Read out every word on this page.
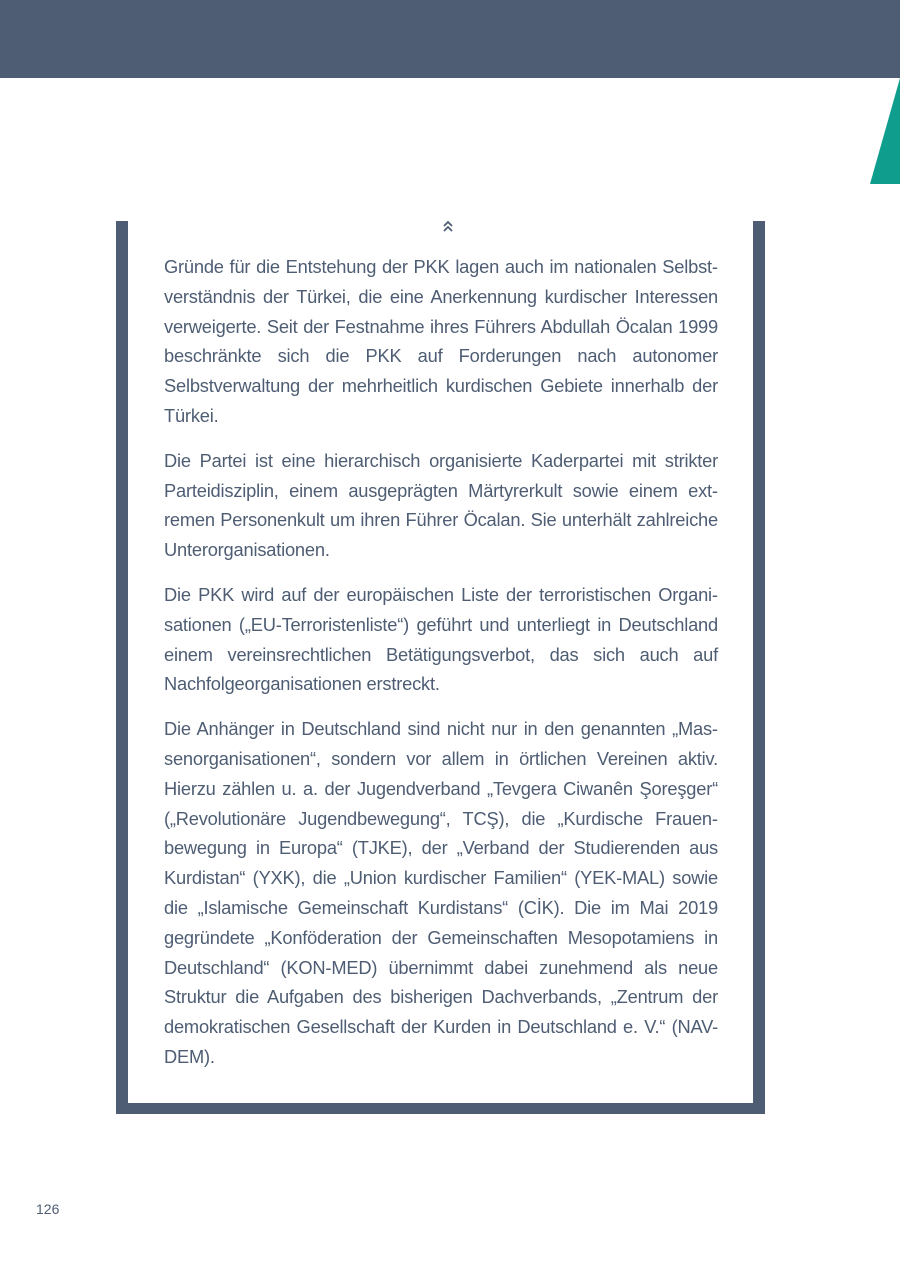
Gründe für die Entstehung der PKK lagen auch im nationalen Selbstverständnis der Türkei, die eine Anerkennung kurdischer Interessen verweigerte. Seit der Festnahme ihres Führers Abdullah Öcalan 1999 beschränkte sich die PKK auf Forderungen nach autonomer Selbstverwaltung der mehrheitlich kurdischen Gebiete innerhalb der Türkei.

Die Partei ist eine hierarchisch organisierte Kaderpartei mit strikter Parteidisziplin, einem ausgeprägten Märtyrerkult sowie einem extremen Personenkult um ihren Führer Öcalan. Sie unterhält zahlreiche Unterorganisationen.

Die PKK wird auf der europäischen Liste der terroristischen Organisationen („EU-Terroristenliste“) geführt und unterliegt in Deutschland einem vereinsrechtlichen Betätigungsverbot, das sich auch auf Nachfolgeorganisationen erstreckt.

Die Anhänger in Deutschland sind nicht nur in den genannten „Massenorganisationen“, sondern vor allem in örtlichen Vereinen aktiv. Hierzu zählen u. a. der Jugendverband „Tevgera Ciwanên Şoreşger“ („Revolutionäre Jugendbewegung“, TCŞ), die „Kurdische Frauenbewegung in Europa“ (TJKE), der „Verband der Studierenden aus Kurdistan“ (YXK), die „Union kurdischer Familien“ (YEK-MAL) sowie die „Islamische Gemeinschaft Kurdistans“ (CİK). Die im Mai 2019 gegründete „Konföderation der Gemeinschaften Mesopotamiens in Deutschland“ (KON-MED) übernimmt dabei zunehmend als neue Struktur die Aufgaben des bisherigen Dachverbands, „Zentrum der demokratischen Gesellschaft der Kurden in Deutschland e. V.“ (NAV-DEM).

126
